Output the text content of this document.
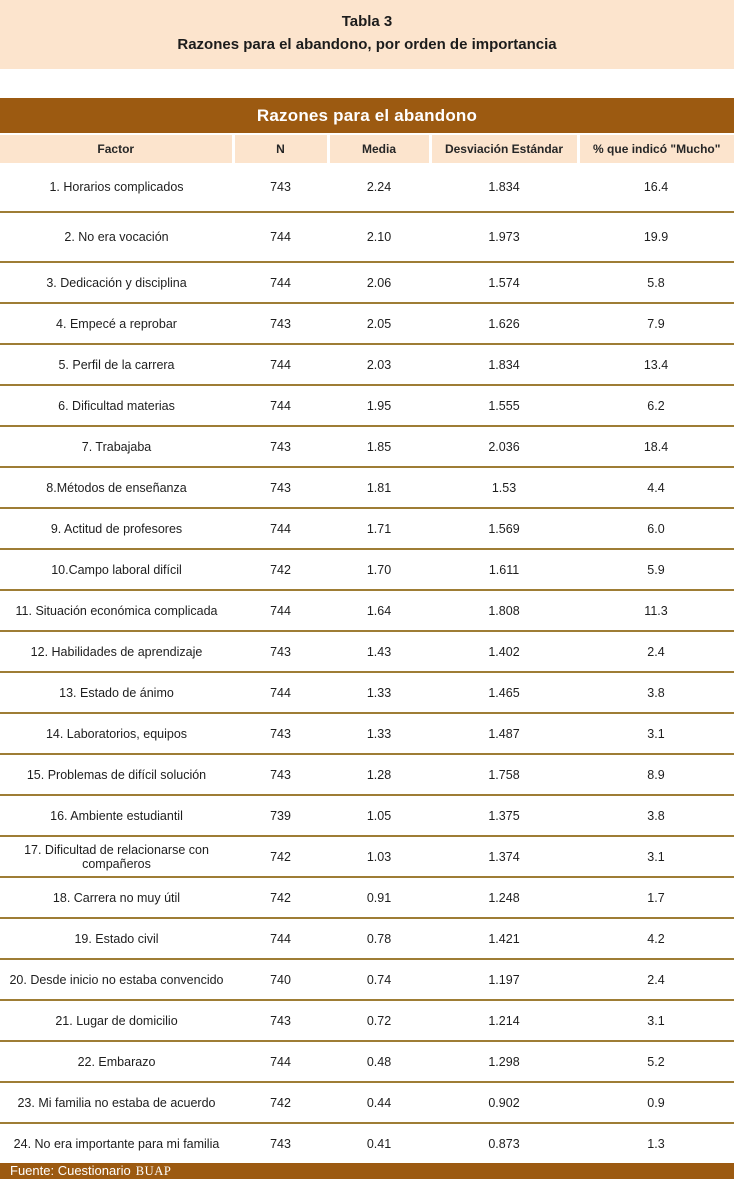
Tabla 3
Razones para el abandono, por orden de importancia
Razones para el abandono
Factor	N	Media	Desviación Estándar	% que indicó "Mucho"
1. Horarios complicados	743	2.24	1.834	16.4
2. No era vocación	744	2.10	1.973	19.9
3. Dedicación y disciplina	744	2.06	1.574	5.8
4. Empecé a reprobar	743	2.05	1.626	7.9
5. Perfil de la carrera	744	2.03	1.834	13.4
6. Dificultad materias	744	1.95	1.555	6.2
7. Trabajaba	743	1.85	2.036	18.4
8.Métodos de enseñanza	743	1.81	1.53	4.4
9. Actitud de profesores	744	1.71	1.569	6.0
10.Campo laboral difícil	742	1.70	1.611	5.9
11. Situación económica complicada	744	1.64	1.808	11.3
12. Habilidades de aprendizaje	743	1.43	1.402	2.4
13. Estado de ánimo	744	1.33	1.465	3.8
14. Laboratorios, equipos	743	1.33	1.487	3.1
15. Problemas de difícil solución	743	1.28	1.758	8.9
16. Ambiente estudiantil	739	1.05	1.375	3.8
17. Dificultad de relacionarse con compañeros	742	1.03	1.374	3.1
18. Carrera no muy útil	742	0.91	1.248	1.7
19. Estado civil	744	0.78	1.421	4.2
20. Desde inicio no estaba convencido	740	0.74	1.197	2.4
21. Lugar de domicilio	743	0.72	1.214	3.1
22. Embarazo	744	0.48	1.298	5.2
23. Mi familia no estaba de acuerdo	742	0.44	0.902	0.9
24. No era importante para mi familia	743	0.41	0.873	1.3
Fuente: Cuestionario BUAP
